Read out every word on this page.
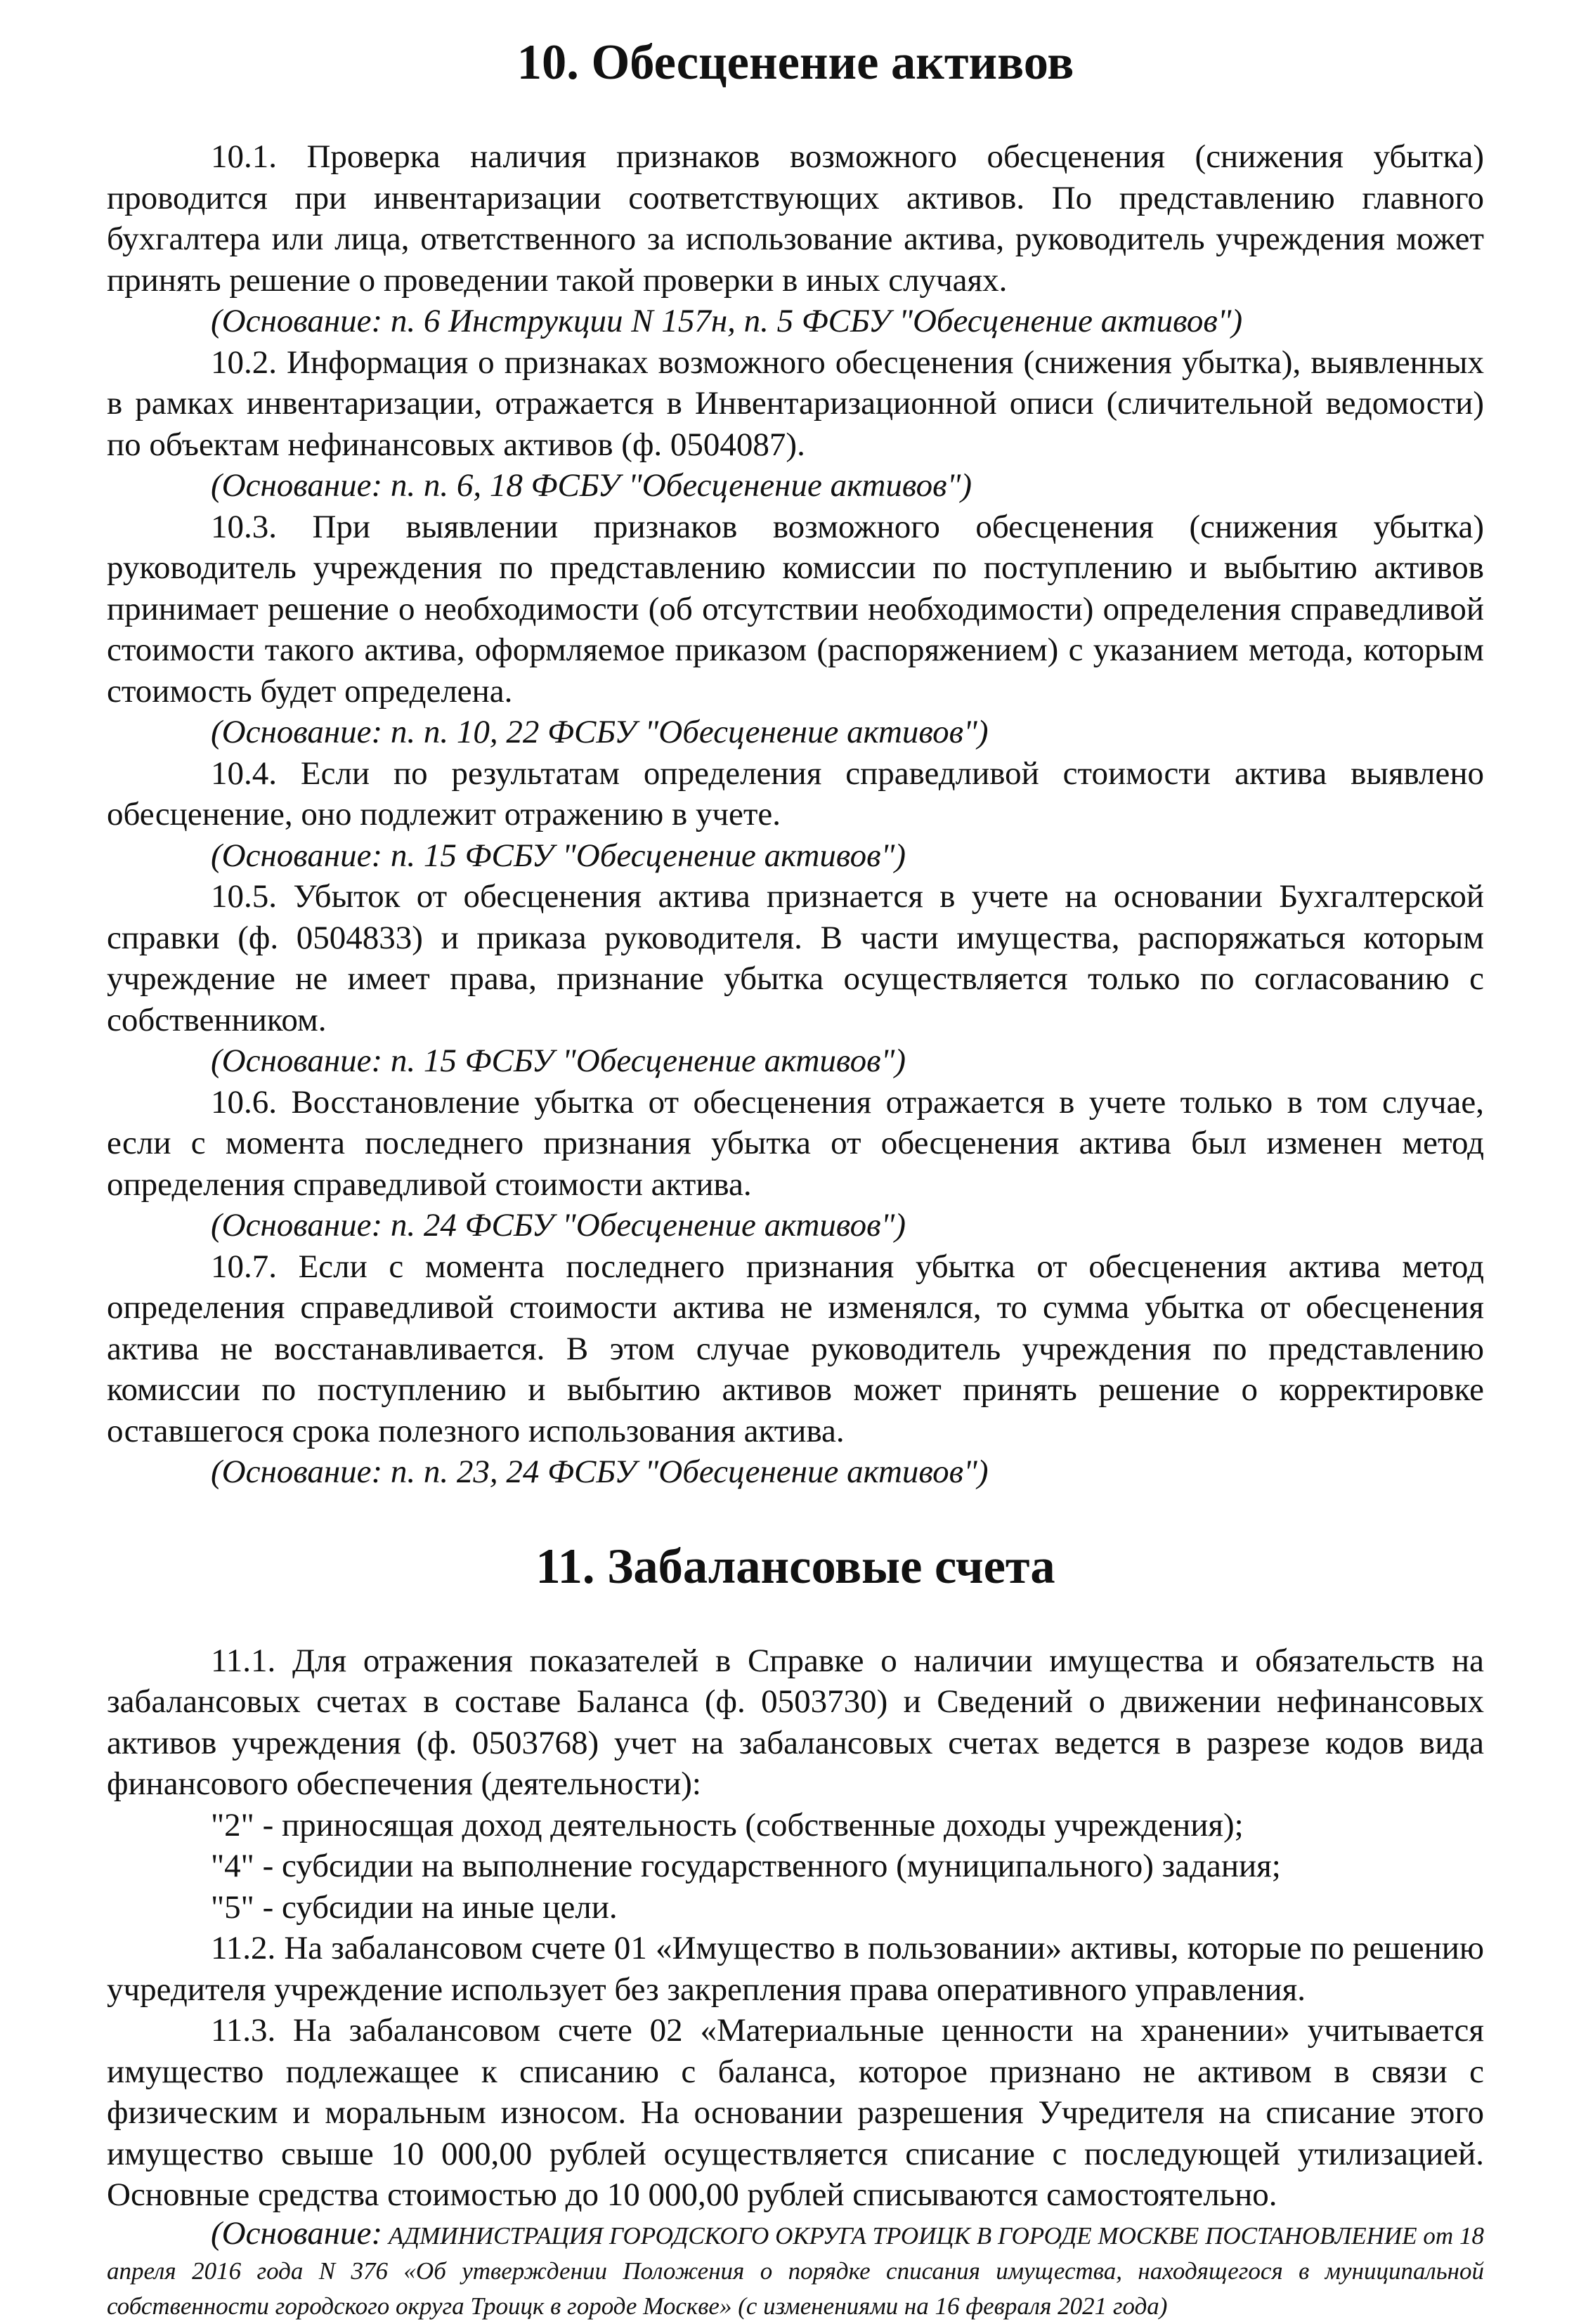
10. Обесценение активов

10.1. Проверка наличия признаков возможного обесценения (снижения убытка) проводится при инвентаризации соответствующих активов. По представлению главного бухгалтера или лица, ответственного за использование актива, руководитель учреждения может принять решение о проведении такой проверки в иных случаях.

(Основание: п. 6 Инструкции N 157н, п. 5 ФСБУ "Обесценение активов")

10.2. Информация о признаках возможного обесценения (снижения убытка), выявленных в рамках инвентаризации, отражается в Инвентаризационной описи (сличительной ведомости) по объектам нефинансовых активов (ф. 0504087).

(Основание: п. п. 6, 18 ФСБУ "Обесценение активов")

10.3. При выявлении признаков возможного обесценения (снижения убытка) руководитель учреждения по представлению комиссии по поступлению и выбытию активов принимает решение о необходимости (об отсутствии необходимости) определения справедливой стоимости такого актива, оформляемое приказом (распоряжением) с указанием метода, которым стоимость будет определена.

(Основание: п. п. 10, 22 ФСБУ "Обесценение активов")

10.4. Если по результатам определения справедливой стоимости актива выявлено обесценение, оно подлежит отражению в учете.

(Основание: п. 15 ФСБУ "Обесценение активов")

10.5. Убыток от обесценения актива признается в учете на основании Бухгалтерской справки (ф. 0504833) и приказа руководителя. В части имущества, распоряжаться которым учреждение не имеет права, признание убытка осуществляется только по согласованию с собственником.

(Основание: п. 15 ФСБУ "Обесценение активов")

10.6. Восстановление убытка от обесценения отражается в учете только в том случае, если с момента последнего признания убытка от обесценения актива был изменен метод определения справедливой стоимости актива.

(Основание: п. 24 ФСБУ "Обесценение активов")

10.7. Если с момента последнего признания убытка от обесценения актива метод определения справедливой стоимости актива не изменялся, то сумма убытка от обесценения актива не восстанавливается. В этом случае руководитель учреждения по представлению комиссии по поступлению и выбытию активов может принять решение о корректировке оставшегося срока полезного использования актива.

(Основание: п. п. 23, 24 ФСБУ "Обесценение активов")

11. Забалансовые счета

11.1. Для отражения показателей в Справке о наличии имущества и обязательств на забалансовых счетах в составе Баланса (ф. 0503730) и Сведений о движении нефинансовых активов учреждения (ф. 0503768) учет на забалансовых счетах ведется в разрезе кодов вида финансового обеспечения (деятельности):

"2" - приносящая доход деятельность (собственные доходы учреждения);

"4" - субсидии на выполнение государственного (муниципального) задания;

"5" - субсидии на иные цели.

11.2. На забалансовом счете 01 «Имущество в пользовании» активы, которые по решению учредителя учреждение использует без закрепления права оперативного управления.

11.3. На забалансовом счете 02 «Материальные ценности на хранении» учитывается имущество подлежащее к списанию с баланса, которое признано не активом в связи с физическим и моральным износом. На основании разрешения Учредителя на списание этого имущество свыше 10 000,00 рублей осуществляется списание с последующей утилизацией. Основные средства стоимостью до 10 000,00 рублей списываются самостоятельно.

(Основание: АДМИНИСТРАЦИЯ ГОРОДСКОГО ОКРУГА ТРОИЦК В ГОРОДЕ МОСКВЕ ПОСТАНОВЛЕНИЕ от 18 апреля 2016 года N 376 «Об утверждении Положения о порядке списания имущества, находящегося в муниципальной собственности городского округа Троицк в городе Москве» (с изменениями на 16 февраля 2021 года)
